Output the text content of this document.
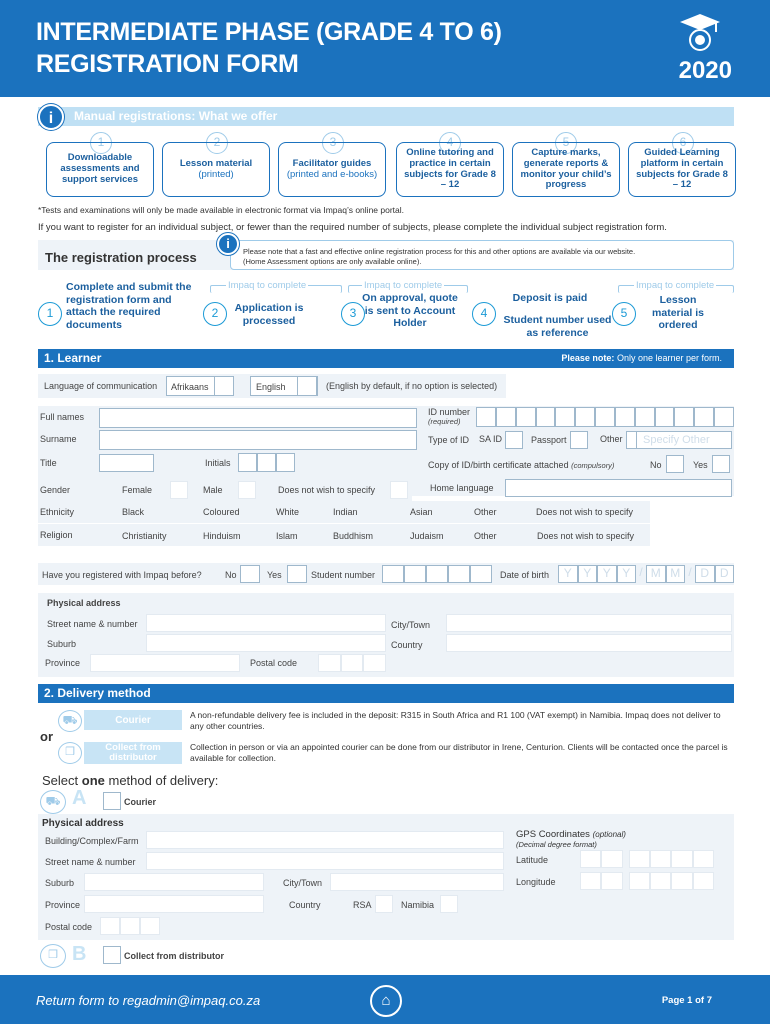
INTERMEDIATE PHASE (GRADE 4 TO 6)
REGISTRATION FORM	2020
Manual registrations: What we offer
i
1	2	3	4	5	6
Downloadable assessments and support services
Lesson material
(printed)
Facilitator guides
(printed and e-books)
Online tutoring and practice in certain subjects for Grade 8 – 12
Capture marks, generate reports & monitor your child’s progress
Guided Learning platform in certain subjects for Grade 8 – 12
*Tests and examinations will only be made available in electronic format via Impaq’s online portal.
If you want to register for an individual subject, or fewer than the required number of subjects, please complete the individual subject registration form.
The registration process
i
Please note that a fast and effective online registration process for this and other options are available via our website.
(Home Assessment options are only available online).
1
Complete and submit the registration form and attach the required documents
Impaq to complete
2	Application is processed
Impaq to complete
3
On approval, quote is sent to Account Holder
4
Deposit is paid
Student number used as reference
Impaq to complete
5
Lesson material is ordered
1. Learner	Please note: Only one learner per form.
Language of communication Afrikaans	English	(English by default, if no option is selected)
Full names	ID number
(required)
Surname	Type of ID SA ID	Passport	Other Specify Other
Title	Initials	Copy of ID/birth certificate attached (compulsory)	No	Yes
Gender	Female	Male	Does not wish to specify	Home language
Ethnicity	Black	Coloured	White	Indian	Asian	Other	Does not wish to specify
Religion	Christianity	Hinduism	Islam	Buddhism	Judaism	Other	Does not wish to specify
Have you registered with Impaq before?	No	Yes	Student number	Date of birth	Y Y Y Y / M M / D D
Physical address
Street name & number	City/Town
Suburb	Country
Province	Postal code
2. Delivery method
⛟	Courier	A non-refundable delivery fee is included in the deposit: R315 in South Africa and R1 100 (VAT exempt) in Namibia. Impaq does not deliver to any other countries.
or
❒	Collect from distributor
Collection in person or via an appointed courier can be done from our distributor in Irene, Centurion. Clients will be contacted once the parcel is available for collection.
Select one method of delivery:
⛟ A	Courier
Physical address
Building/Complex/Farm
GPS Coordinates (optional)
(Decimal degree format)
Street name & number	Latitude
Suburb	City/Town	Longitude
Province	Country	RSA	Namibia
Postal code
❒ B	Collect from distributor
Return form to regadmin@impaq.co.za	⌂	Page 1 of 7
